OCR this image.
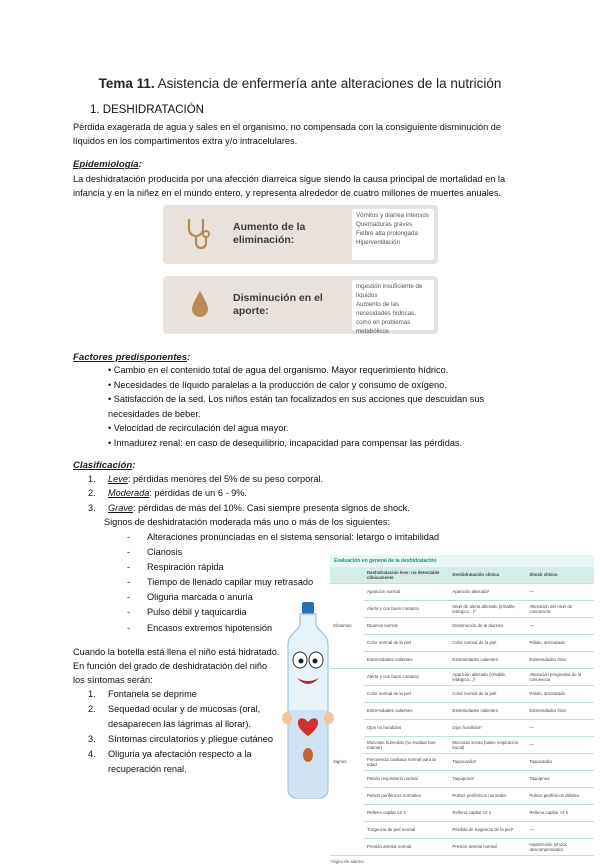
Tema 11. Asistencia de enfermería ante alteraciones de la nutrición
1. DESHIDRATACIÓN
Pérdida exagerada de agua y sales en el organismo, no compensada con la consiguiente disminución de
líquidos en los compartimentos extra y/o intracelulares.
Epidemiología:
La deshidratación producida por una afección diarreica sigue siendo la causa principal de mortalidad en la
infancia y en la niñez en el mundo entero, y representa alrededor de cuatro millones de muertes anuales.
Aumento de la
eliminación:
Vómitos y diarrea intensos
Quemaduras graves
Fiebre alta prolongada
Hiperventilación
Disminución en el
aporte:
Ingestión insuficiente de líquidos
Aumento de las necesidades hídricas,
como en problemas metabólicos
Factores predisponentes:
• Cambio en el contenido total de agua del organismo. Mayor requerimiento hídrico.
• Necesidades de líquido paralelas a la producción de calor y consumo de oxígeno.
• Satisfacción de la sed. Los niños están tan focalizados en sus acciones que descuidan sus
necesidades de beber.
• Velocidad de recirculación del agua mayor.
• Inmadurez renal: en caso de desequilibrio, incapacidad para compensar las pérdidas.
Clasificación:
1. Leve: pérdidas menores del 5% de su peso corporal.
2. Moderada: pérdidas de un 6 - 9%.
3. Grave: pérdidas de más del 10%. Casi siempre presenta signos de shock.
Signos de deshidratación moderada más uno o más de los siguientes:
- Alteraciones pronunciadas en el sistema sensorial: letargo o irritabilidad
- Cianosis
- Respiración rápida
- Tiempo de llenado capilar muy retrasado
- Oliguria marcada o anuria
- Pulso débil y taquicardia
- Encasos extremos hipotensión
Evaluación en general de la deshidratación
	Deshidratación leve: no detectable clínicamente	Deshidratación clínica	Shock clínico
Síntomas	Aparición normal	Aparición alterada*	—
	Alerta y con buen contacto	Nivel de alerta alterado (irritable, letárgico...)*	Alteración del nivel de conciencia
	Diuresis normal	Disminución de la diuresis	—
	Color normal de la piel	Color normal de la piel	Pálido, amoratado
	Extremidades calientes	Extremidades calientes	Extremidades frías
Signos	Alerta y con buen contacto	Aparición alterada (irritable, letárgico...)*	Alteración progresiva de la conciencia
	Color normal de la piel	Color normal de la piel	Pálido, amoratado
	Extremidades calientes	Extremidades calientes	Extremidades frías
	Ojos no hundidos	Ojos hundidos*	—
	Mucosas húmedas (no evaluar tras mamar)	Mucosas secas (salvo respiración bucal)	—
	Frecuencia cardiaca normal para la edad	Taquicardia*	Taquicardia
	Patrón respiratorio normal	Taquipnea*	Taquipnea
	Pulsos periféricos normales	Pulsos periféricos normales	Pulsos periféricos débiles
	Relleno capilar ≤2 s	Relleno capilar ≤2 s	Relleno capilar >2 s
	Turgencia de piel normal	Pérdida de turgencia de la piel*	—
	Presión arterial normal	Presión arterial normal	Hipotensión (shock descompensado)
*Signo de alarma
Cuando la botella está llena el niño está hidratado.
En función del grado de deshidratación del niño
los síntomas serán:
1. Fontanela se deprime
2. Sequedad ocular y de mucosas (oral,
desaparecen las lágrimas al llorar).
3. Síntomas circulatorios y pliegue cutáneo
4. Oliguria ya afectación respecto a la
recuperación renal.
